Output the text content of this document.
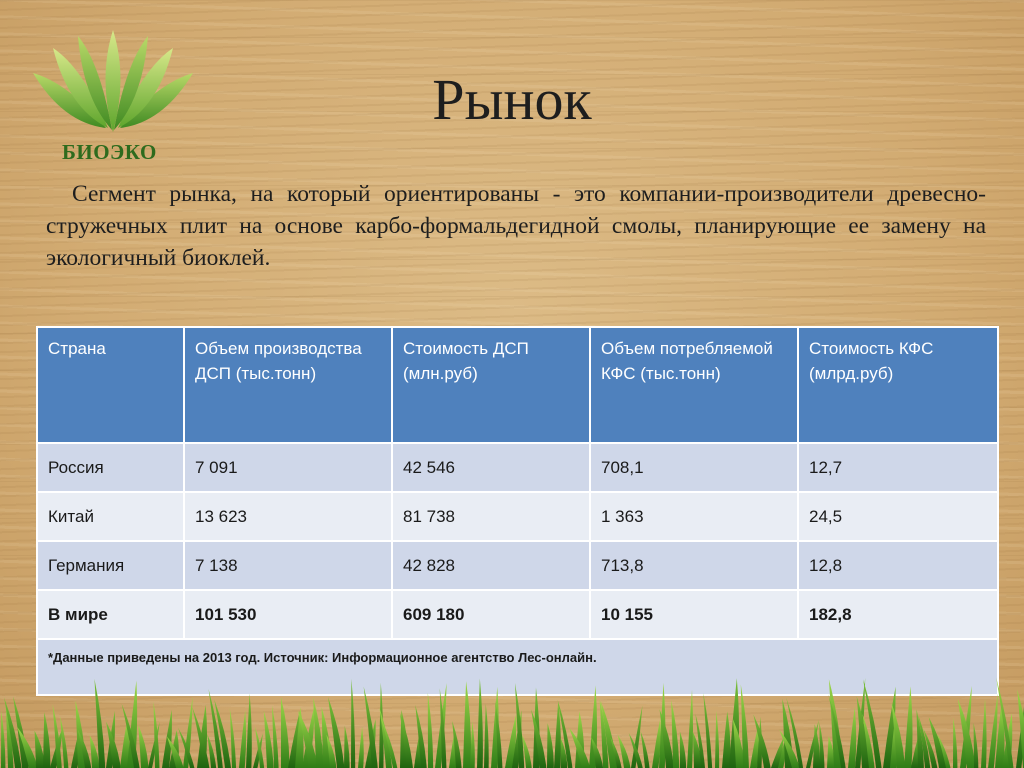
БИОЭКО
Рынок
Сегмент рынка, на который ориентированы - это компании-производители древесно-стружечных плит на основе карбо-формальдегидной смолы, планирующие ее замену на экологичный биоклей.
Страна	Объем производства ДСП (тыс.тонн)	Стоимость ДСП (млн.руб)	Объем потребляемой КФС (тыс.тонн)	Стоимость КФС (млрд.руб)
Россия	7 091	42 546	708,1	12,7
Китай	13 623	81 738	1 363	24,5
Германия	7 138	42 828	713,8	12,8
В мире	101 530	609 180	10 155	182,8
*Данные приведены на 2013 год. Источник: Информационное агентство Лес-онлайн.				
